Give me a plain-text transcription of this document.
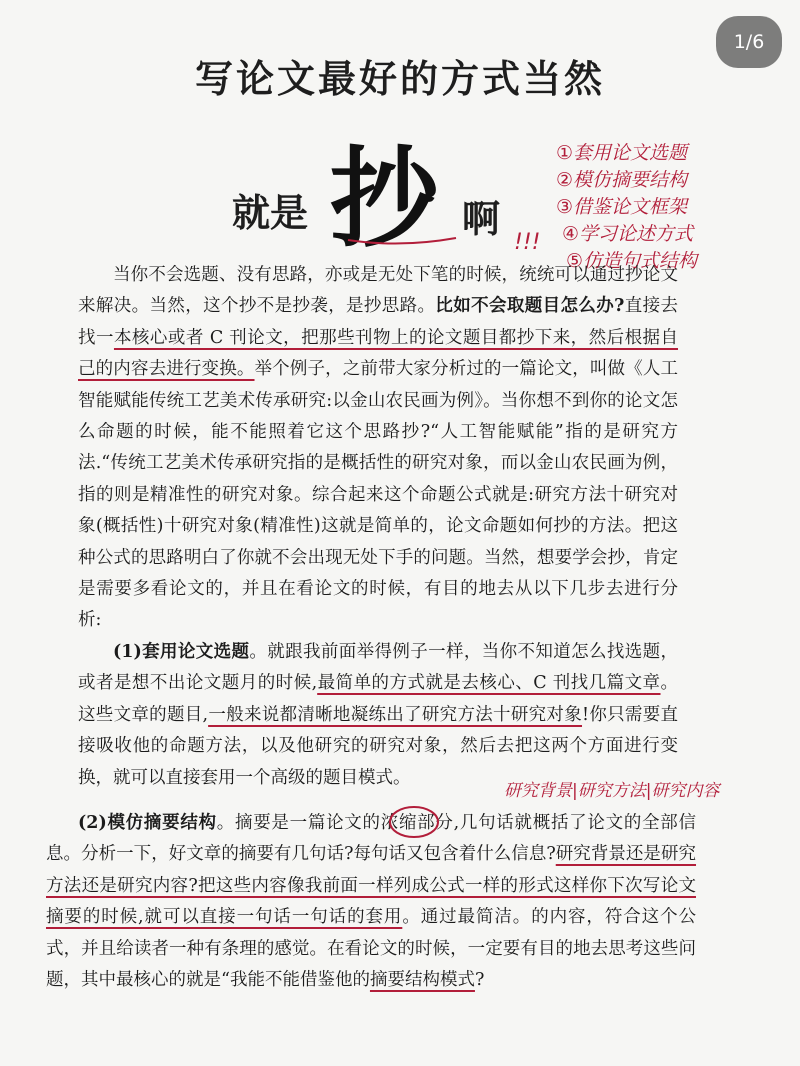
1/6
写论文最好的方式当然
就是 抄 啊
①套用论文选题
②模仿摘要结构
③借鉴论文框架
④学习论述方式
⑤仿造句式结构
!!!
研究背景|研究方法|研究内容

当你不会选题、没有思路，亦或是无处下笔的时候，统统可以通过抄论文来解决。当然，这个抄不是抄袭，是抄思路。比如不会取题目怎么办?直接去找一本核心或者 C 刊论文，把那些刊物上的论文题目都抄下来，然后根据自己的内容去进行变换。举个例子，之前带大家分析过的一篇论文，叫做《人工智能赋能传统工艺美术传承研究:以金山农民画为例》。当你想不到你的论文怎么命题的时候，能不能照着它这个思路抄?“人工智能赋能”指的是研究方法.“传统工艺美术传承研究指的是概括性的研究对象，而以金山农民画为例，指的则是精准性的研究对象。综合起来这个命题公式就是:研究方法十研究对象(概括性)十研究对象(精准性)这就是简单的，论文命题如何抄的方法。把这种公式的思路明白了你就不会出现无处下手的问题。当然，想要学会抄，肯定是需要多看论文的，并且在看论文的时候，有目的地去从以下几步去进行分析:

(1)套用论文选题。就跟我前面举得例子一样，当你不知道怎么找选题，或者是想不出论文题月的时候,最简单的方式就是去核心、C 刊找几篇文章。这些文章的题目,一般来说都清晰地凝练出了研究方法十研究对象!你只需要直接吸收他的命题方法，以及他研究的研究对象，然后去把这两个方面进行变换，就可以直接套用一个高级的题目模式。

(2)模仿摘要结构。摘要是一篇论文的浓缩部分,几句话就概括了论文的全部信息。分析一下，好文章的摘要有几句话?每句话又包含着什么信息?研究背景还是研究方法还是研究内容?把这些内容像我前面一样列成公式一样的形式这样你下次写论文摘要的时候,就可以直接一句话一句话的套用。通过最简洁。的内容，符合这个公式，并且给读者一种有条理的感觉。在看论文的时候，一定要有目的地去思考这些问题，其中最核心的就是“我能不能借鉴他的摘要结构模式?
